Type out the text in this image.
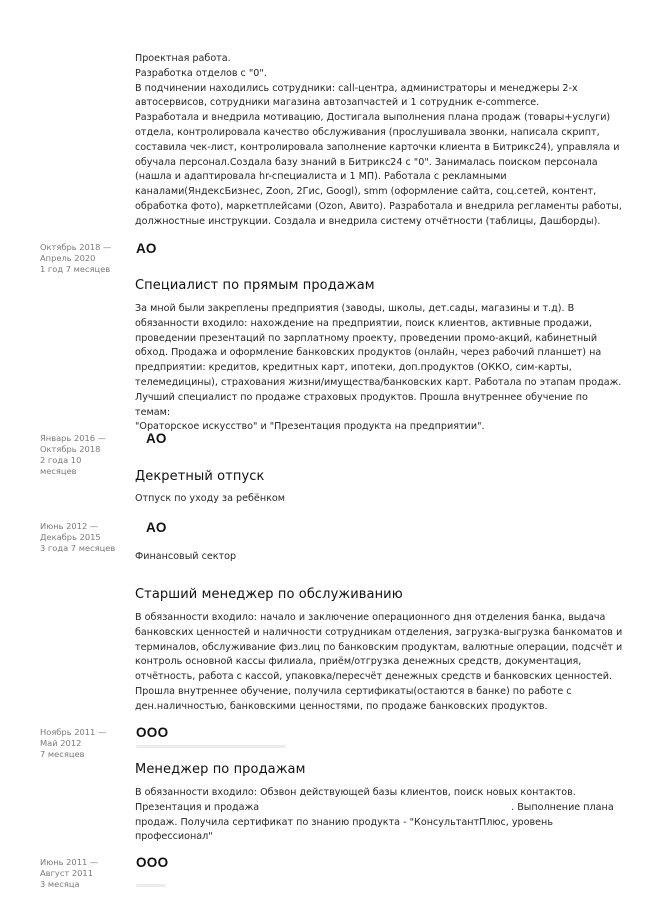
Проектная работа.
Разработка отделов с "0".
В подчинении находились сотрудники: call-центра, администраторы и менеджеры 2-х
автосервисов, сотрудники магазина автозапчастей и 1 сотрудник e-commerce.
Разработала и внедрила мотивацию, Достигала выполнения плана продаж (товары+услуги)
отдела, контролировала качество обслуживания (прослушивала звонки, написала скрипт,
составила чек-лист, контролировала заполнение карточки клиента в Битрикс24), управляла и
обучала персонал.Создала базу знаний в Битрикс24 с "0". Занималась поиском персонала
(нашла и адаптировала hr-специалиста и 1 МП). Работала с рекламными
каналами(ЯндексБизнес, Zoon, 2Гис, Googl), smm (оформление сайта, соц.сетей, контент,
обработка фото), маркетплейсами (Ozon, Авито). Разработала и внедрила регламенты работы,
должностные инструкции. Создала и внедрила систему отчётности (таблицы, Дашборды).
Октябрь 2018 —
Апрель 2020
1 год 7 месяцев
АО
Специалист по прямым продажам
За мной были закреплены предприятия (заводы, школы, дет.сады, магазины и т.д). В
обязанности входило: нахождение на предприятии, поиск клиентов, активные продажи,
проведении презентаций по зарплатному проекту, проведении промо-акций, кабинетный
обход. Продажа и оформление банковских продуктов (онлайн, через рабочий планшет) на
предприятии: кредитов, кредитных карт, ипотеки, доп.продуктов (ОККО, сим-карты,
телемедицины), страхования жизни/имущества/банковских карт. Работала по этапам продаж.
Лучший специалист по продаже страховых продуктов. Прошла внутреннее обучение по темам:
"Ораторское искусство" и "Презентация продукта на предприятии".
Январь 2016 —
Октябрь 2018
2 года 10
месяцев
АО
Декретный отпуск
Отпуск по уходу за ребёнком
Июнь 2012 —
Декабрь 2015
3 года 7 месяцев
АО
Финансовый сектор
Старший менеджер по обслуживанию
В обязанности входило: начало и заключение операционного дня отделения банка, выдача
банковских ценностей и наличности сотрудникам отделения, загрузка-выгрузка банкоматов и
терминалов, обслуживание физ.лиц по банковским продуктам, валютные операции, подсчёт и
контроль основной кассы филиала, приём/отгрузка денежных средств, документация,
отчётность, работа с кассой, упаковка/пересчёт денежных средств и банковских ценностей.
Прошла внутреннее обучение, получила сертификаты(остаются в банке) по работе с
ден.наличностью, банковскими ценностями, по продаже банковских продуктов.
Ноябрь 2011 —
Май 2012
7 месяцев
ООО
Менеджер по продажам
В обязанности входило: Обзвон действующей базы клиентов, поиск новых контактов.
Презентация и продажа	. Выполнение плана
продаж. Получила сертификат по знанию продукта - "КонсультантПлюс, уровень
профессионал"
Июнь 2011 —
Август 2011
3 месяца
ООО
